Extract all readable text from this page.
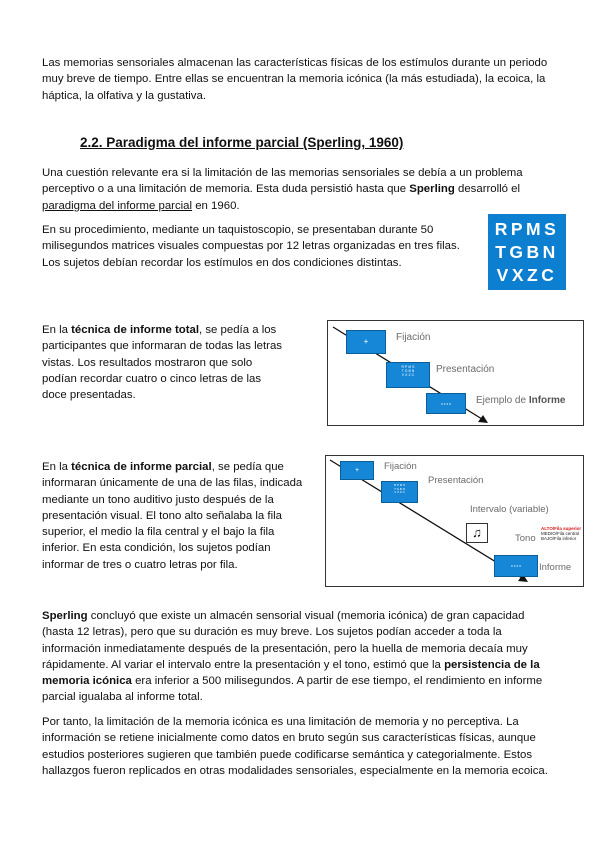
Las memorias sensoriales almacenan las características físicas de los estímulos durante un periodo muy breve de tiempo. Entre ellas se encuentran la memoria icónica (la más estudiada), la ecoica, la háptica, la olfativa y la gustativa.

2.2. Paradigma del informe parcial (Sperling, 1960)

Una cuestión relevante era si la limitación de las memorias sensoriales se debía a un problema perceptivo o a una limitación de memoria. Esta duda persistió hasta que Sperling desarrolló el paradigma del informe parcial en 1960.

En su procedimiento, mediante un taquistoscopio, se presentaban durante 50 milisegundos matrices visuales compuestas por 12 letras organizadas en tres filas. Los sujetos debían recordar los estímulos en dos condiciones distintas.

RPMS
TGBN
VXZC

En la técnica de informe total, se pedía a los participantes que informaran de todas las letras vistas. Los resultados mostraron que solo podían recordar cuatro o cinco letras de las doce presentadas.

+	Fijación
R P M S
T G B N
V X Z C	Presentación
x x x x	Ejemplo de Informe

En la técnica de informe parcial, se pedía que informaran únicamente de una de las filas, indicada mediante un tono auditivo justo después de la presentación visual. El tono alto señalaba la fila superior, el medio la fila central y el bajo la fila inferior. En esta condición, los sujetos podían informar de tres o cuatro letras por fila.

+	Fijación
R P M S
T G B N
V X Z C
Presentación
Intervalo (variable)
♫	Tono
ALTO/Fila superior
MEDIO/Fila central
BAJO/Fila inferior
x x x x	Informe

Sperling concluyó que existe un almacén sensorial visual (memoria icónica) de gran capacidad (hasta 12 letras), pero que su duración es muy breve. Los sujetos podían acceder a toda la información inmediatamente después de la presentación, pero la huella de memoria decaía muy rápidamente. Al variar el intervalo entre la presentación y el tono, estimó que la persistencia de la memoria icónica era inferior a 500 milisegundos. A partir de ese tiempo, el rendimiento en informe parcial igualaba al informe total.

Por tanto, la limitación de la memoria icónica es una limitación de memoria y no perceptiva. La información se retiene inicialmente como datos en bruto según sus características físicas, aunque estudios posteriores sugieren que también puede codificarse semántica y categorialmente. Estos hallazgos fueron replicados en otras modalidades sensoriales, especialmente en la memoria ecoica.
